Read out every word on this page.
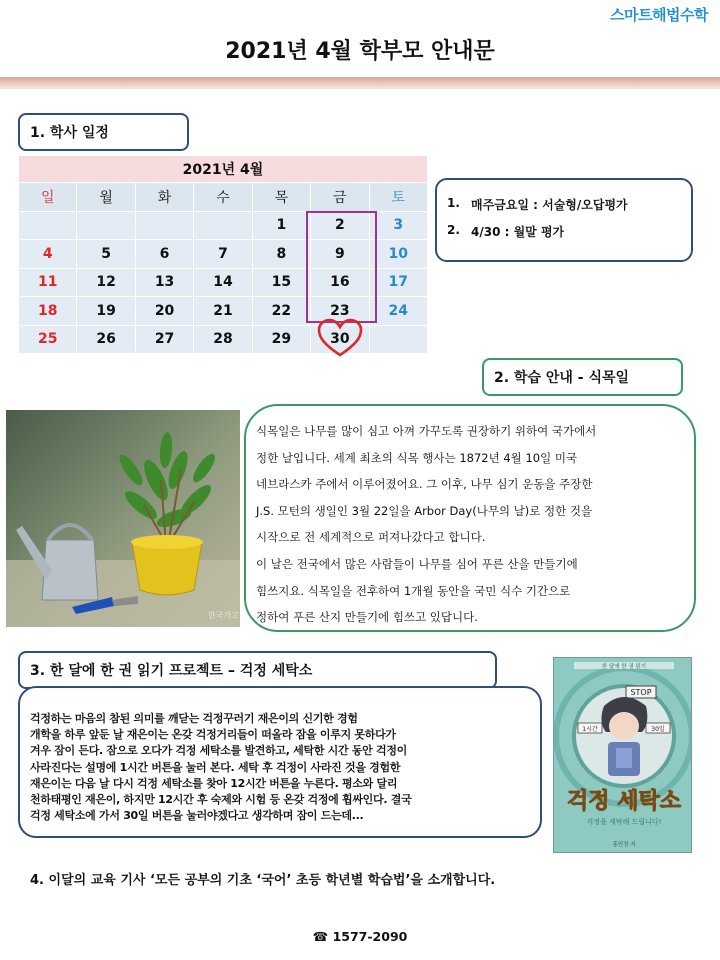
스마트해법수학
2021년 4월 학부모 안내문
1. 학사 일정
2021년 4월						
일	월	화	수	목	금	토
				1	2	3
4	5	6	7	8	9	10
11	12	13	14	15	16	17
18	19	20	21	22	23	24
25	26	27	28	29	30	
1. 매주금요일 : 서술형/오답평가
2. 4/30 : 월말 평가
2. 학습 안내 - 식목일
한국가고

식목일은 나무를 많이 심고 아껴 가꾸도록 권장하기 위하여 국가에서

정한 날입니다. 세계 최초의 식목 행사는 1872년 4월 10일 미국

네브라스카 주에서 이루어졌어요. 그 이후, 나무 심기 운동을 주장한

J.S. 모턴의 생일인 3월 22일을 Arbor Day(나무의 날)로 정한 것을

시작으로 전 세계적으로 퍼져나갔다고 합니다.

이 날은 전국에서 많은 사람들이 나무를 심어 푸른 산을 만들기에

힘쓰지요. 식목일을 전후하여 1개월 동안을 국민 식수 기간으로

정하여 푸른 산지 만들기에 힘쓰고 있답니다.

3. 한 달에 한 권 읽기 프로젝트 – 걱정 세탁소
걱정하는 마음의 참된 의미를 깨닫는 걱정꾸러기 재은이의 신기한 경험
개학을 하루 앞둔 날 재은이는 온갖 걱정거리들이 떠올라 잠을 이루지 못하다가
겨우 잠이 든다. 잠으로 오다가 걱정 세탁소를 발견하고, 세탁한 시간 동안 걱정이
사라진다는 설명에 1시간 버튼을 눌러 본다. 세탁 후 걱정이 사라진 것을 경험한
재은이는 다음 날 다시 걱정 세탁소를 찾아 12시간 버튼을 누른다. 평소와 달리
천하태평인 재은이, 하지만 12시간 후 숙제와 시험 등 온갖 걱정에 휩싸인다. 결국
걱정 세탁소에 가서 30일 버튼을 눌러야겠다고 생각하며 잠이 드는데...
한 달에 한 권 읽기
STOP
1시간	30일
걱정 세탁소
걱정을 세탁해 드립니다!
홍민정 저
4. 이달의 교육 기사 ‘모든 공부의 기초 ‘국어’ 초등 학년별 학습법’을 소개합니다.
☎ 1577-2090
